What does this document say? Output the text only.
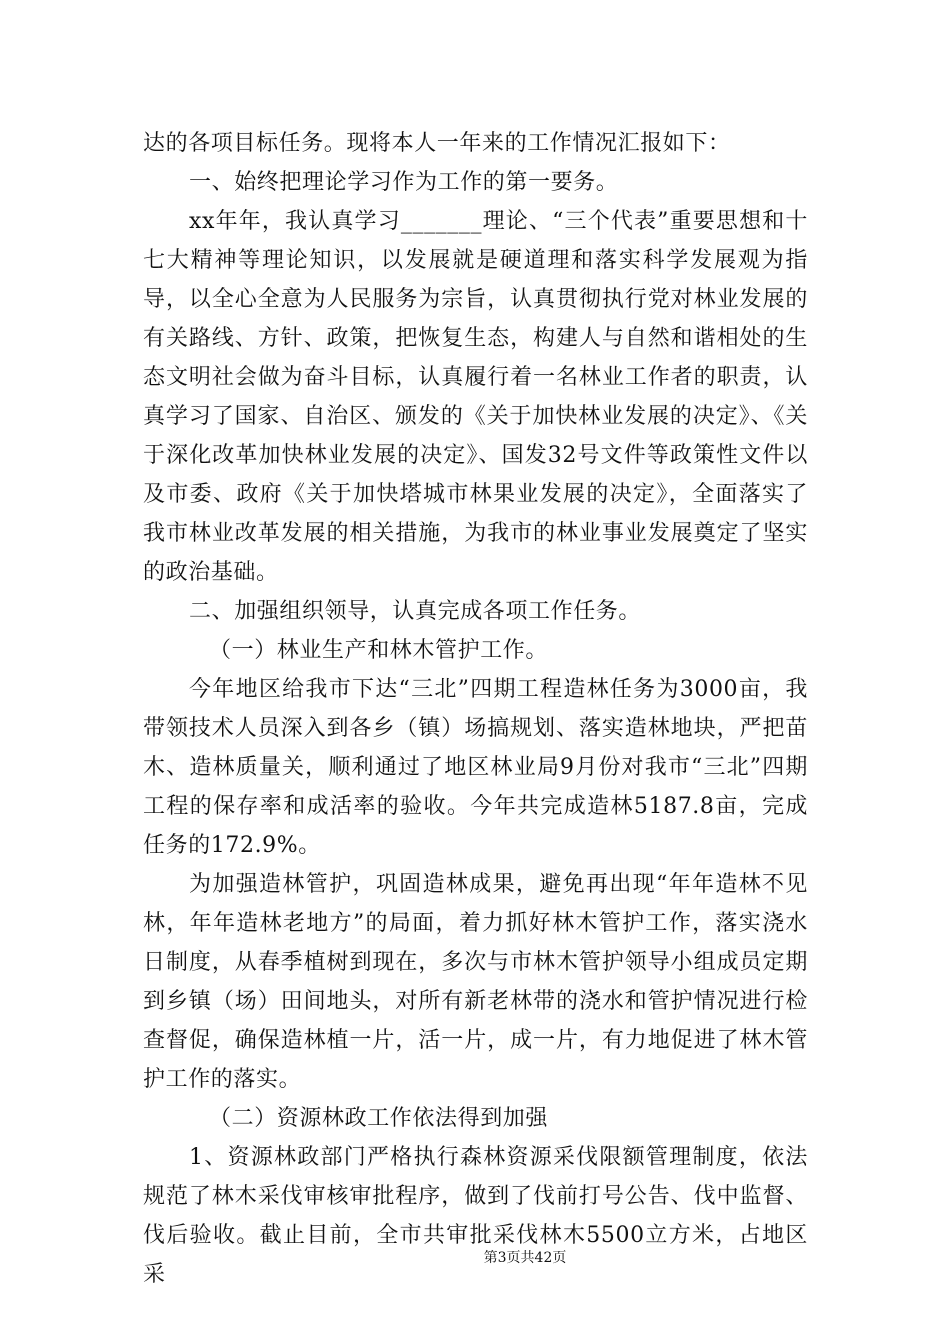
达的各项目标任务。现将本人一年来的工作情况汇报如下：

一、始终把理论学习作为工作的第一要务。

xx年年，我认真学习_______理论、“三个代表”重要思想和十七大精神等理论知识，以发展就是硬道理和落实科学发展观为指导，以全心全意为人民服务为宗旨，认真贯彻执行党对林业发展的有关路线、方针、政策，把恢复生态，构建人与自然和谐相处的生态文明社会做为奋斗目标，认真履行着一名林业工作者的职责，认真学习了国家、自治区、颁发的《关于加快林业发展的决定》、《关于深化改革加快林业发展的决定》、国发32号文件等政策性文件以及市委、政府《关于加快塔城市林果业发展的决定》，全面落实了我市林业改革发展的相关措施，为我市的林业事业发展奠定了坚实的政治基础。

二、加强组织领导，认真完成各项工作任务。

（一）林业生产和林木管护工作。

今年地区给我市下达“三北”四期工程造林任务为3000亩，我带领技术人员深入到各乡（镇）场搞规划、落实造林地块，严把苗木、造林质量关，顺利通过了地区林业局9月份对我市“三北”四期工程的保存率和成活率的验收。今年共完成造林5187.8亩，完成任务的172.9%。

为加强造林管护，巩固造林成果，避免再出现“年年造林不见林，年年造林老地方”的局面，着力抓好林木管护工作，落实浇水日制度，从春季植树到现在，多次与市林木管护领导小组成员定期到乡镇（场）田间地头，对所有新老林带的浇水和管护情况进行检查督促，确保造林植一片，活一片，成一片，有力地促进了林木管护工作的落实。

（二）资源林政工作依法得到加强

1、资源林政部门严格执行森林资源采伐限额管理制度，依法规范了林木采伐审核审批程序，做到了伐前打号公告、伐中监督、伐后验收。截止目前，全市共审批采伐林木5500立方米，占地区采

第3页共42页
